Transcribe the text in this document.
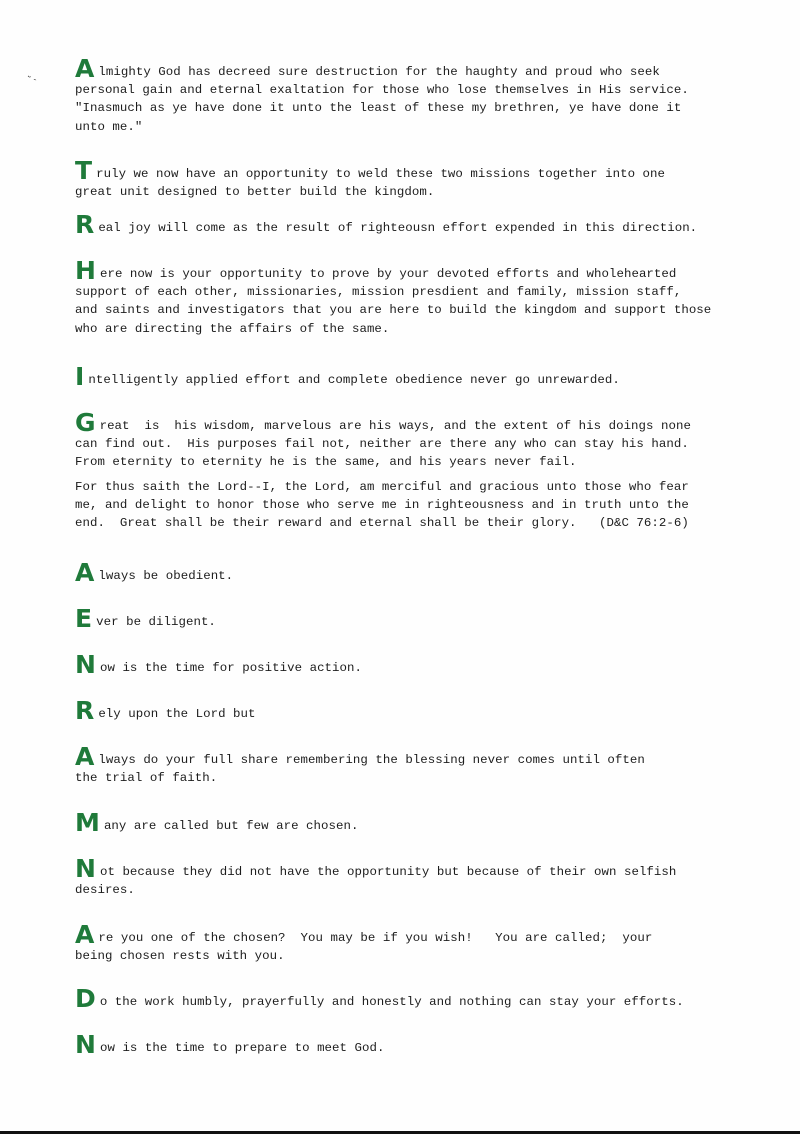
˞ˏ Almighty God has decreed sure destruction for the haughty and proud who seek
personal gain and eternal exaltation for those who lose themselves in His service.
"Inasmuch as ye have done it unto the least of these my brethren, ye have done it
unto me."
Truly we now have an opportunity to weld these two missions together into one
great unit designed to better build the kingdom.
Real joy will come as the result of righteousn effort expended in this direction.
Here now is your opportunity to prove by your devoted efforts and wholehearted
support of each other, missionaries, mission presdient and family, mission staff,
and saints and investigators that you are here to build the kingdom and support those
who are directing the affairs of the same.
Intelligently applied effort and complete obedience never go unrewarded.
Great  is  his wisdom, marvelous are his ways, and the extent of his doings none
can find out.  His purposes fail not, neither are there any who can stay his hand.
From eternity to eternity he is the same, and his years never fail.
For thus saith the Lord--I, the Lord, am merciful and gracious unto those who fear
me, and delight to honor those who serve me in righteousness and in truth unto the
end.  Great shall be their reward and eternal shall be their glory.   (D&C 76:2-6)
Always be obedient.
Ever be diligent.
Now is the time for positive action.
Rely upon the Lord but
Always do your full share remembering the blessing never comes until often
the trial of faith.
Many are called but few are chosen.
Not because they did not have the opportunity but because of their own selfish
desires.
Are you one of the chosen?  You may be if you wish!   You are called;  your
being chosen rests with you.
Do the work humbly, prayerfully and honestly and nothing can stay your efforts.
Now is the time to prepare to meet God.
